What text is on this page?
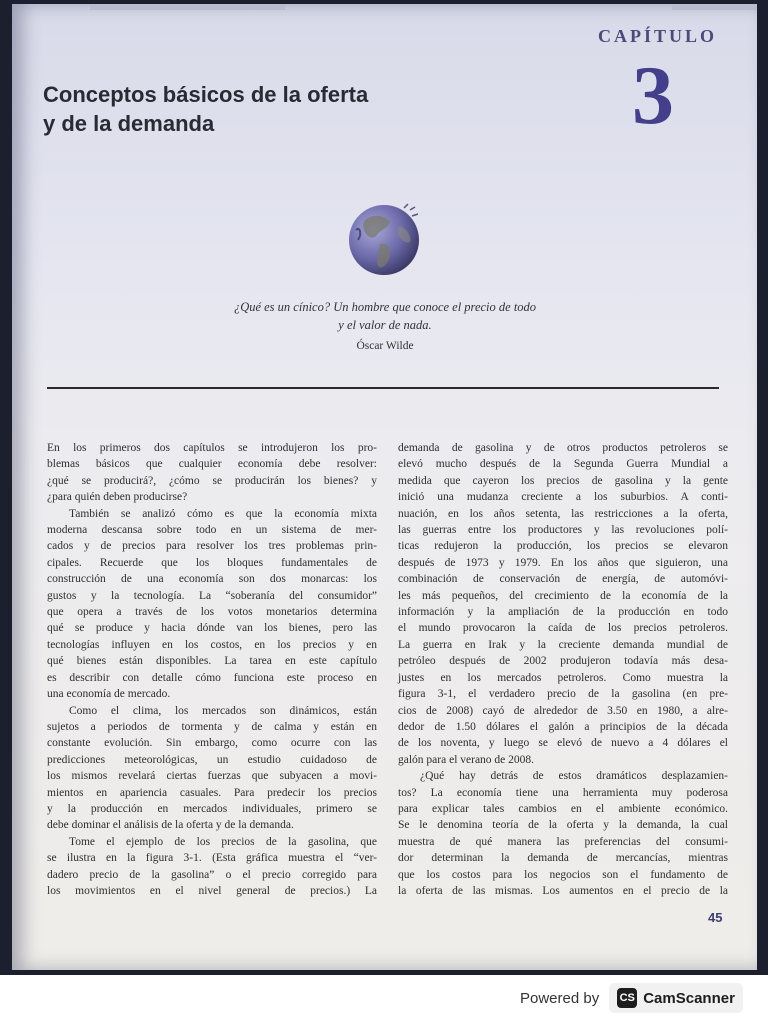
CAPÍTULO
3
Conceptos básicos de la oferta
y de la demanda
¿Qué es un cínico? Un hombre que conoce el precio de todo
y el valor de nada.
Óscar Wilde
En los primeros dos capítulos se introdujeron los pro-
blemas básicos que cualquier economía debe resolver:
¿qué se producirá?, ¿cómo se producirán los bienes? y
¿para quién deben producirse?
También se analizó cómo es que la economía mixta
moderna descansa sobre todo en un sistema de mer-
cados y de precios para resolver los tres problemas prin-
cipales. Recuerde que los bloques fundamentales de
construcción de una economía son dos monarcas: los
gustos y la tecnología. La “soberanía del consumidor”
que opera a través de los votos monetarios determina
qué se produce y hacia dónde van los bienes, pero las
tecnologías influyen en los costos, en los precios y en
qué bienes están disponibles. La tarea en este capítulo
es describir con detalle cómo funciona este proceso en
una economía de mercado.
Como el clima, los mercados son dinámicos, están
sujetos a periodos de tormenta y de calma y están en
constante evolución. Sin embargo, como ocurre con las
predicciones meteorológicas, un estudio cuidadoso de
los mismos revelará ciertas fuerzas que subyacen a movi-
mientos en apariencia casuales. Para predecir los precios
y la producción en mercados individuales, primero se
debe dominar el análisis de la oferta y de la demanda.
Tome el ejemplo de los precios de la gasolina, que
se ilustra en la figura 3-1. (Esta gráfica muestra el “ver-
dadero precio de la gasolina” o el precio corregido para
los movimientos en el nivel general de precios.) La
demanda de gasolina y de otros productos petroleros se
elevó mucho después de la Segunda Guerra Mundial a
medida que cayeron los precios de gasolina y la gente
inició una mudanza creciente a los suburbios. A conti-
nuación, en los años setenta, las restricciones a la oferta,
las guerras entre los productores y las revoluciones polí-
ticas redujeron la producción, los precios se elevaron
después de 1973 y 1979. En los años que siguieron, una
combinación de conservación de energía, de automóvi-
les más pequeños, del crecimiento de la economía de la
información y la ampliación de la producción en todo
el mundo provocaron la caída de los precios petroleros.
La guerra en Irak y la creciente demanda mundial de
petróleo después de 2002 produjeron todavía más desa-
justes en los mercados petroleros. Como muestra la
figura 3-1, el verdadero precio de la gasolina (en pre-
cios de 2008) cayó de alrededor de 3.50 en 1980, a alre-
dedor de 1.50 dólares el galón a principios de la década
de los noventa, y luego se elevó de nuevo a 4 dólares el
galón para el verano de 2008.
¿Qué hay detrás de estos dramáticos desplazamien-
tos? La economía tiene una herramienta muy poderosa
para explicar tales cambios en el ambiente económico.
Se le denomina teoría de la oferta y la demanda, la cual
muestra de qué manera las preferencias del consumi-
dor determinan la demanda de mercancías, mientras
que los costos para los negocios son el fundamento de
la oferta de las mismas. Los aumentos en el precio de la
45
Powered by CS CamScanner
